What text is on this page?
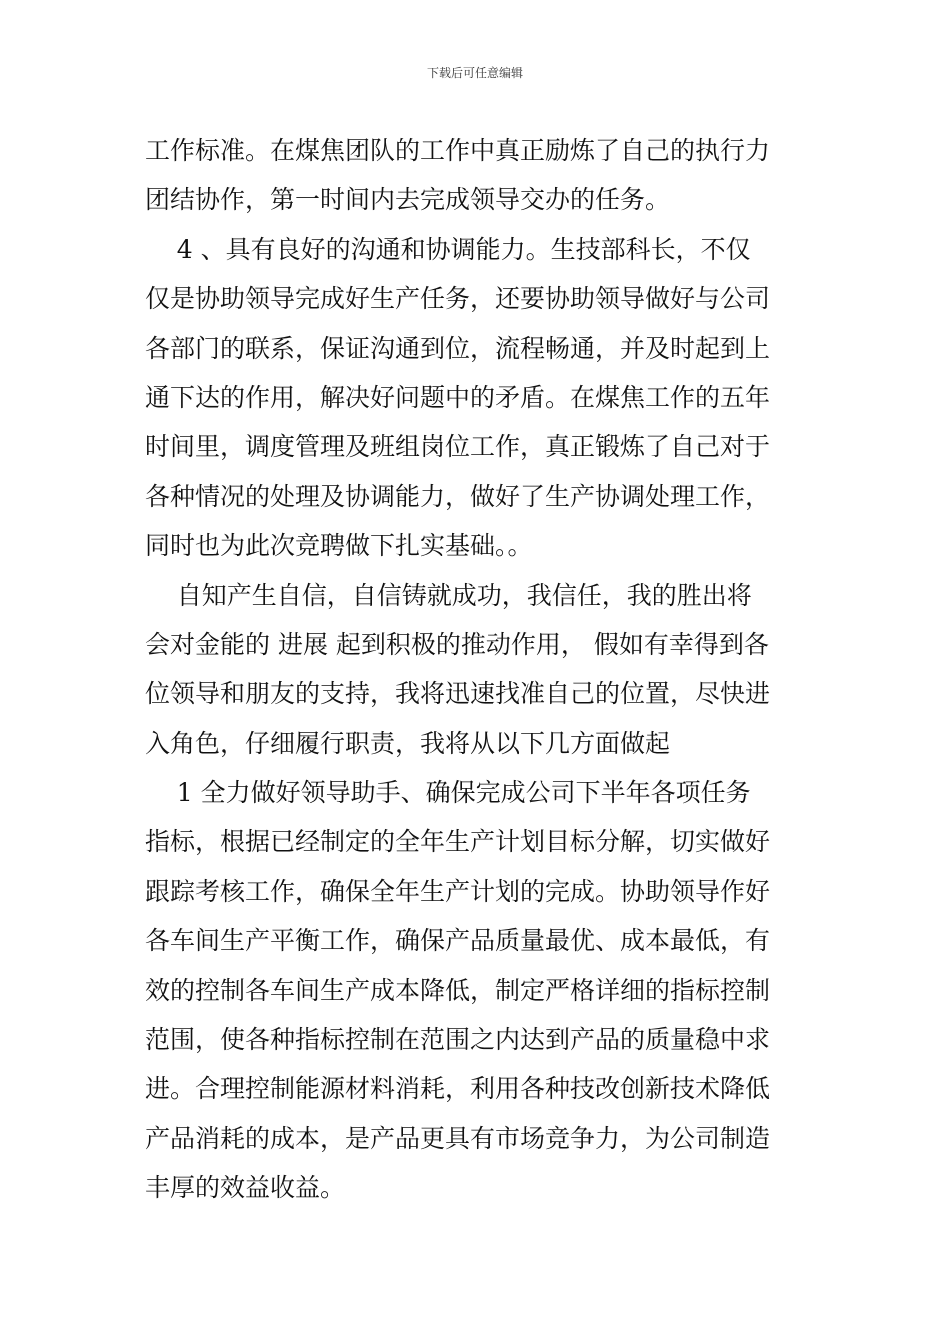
下载后可任意编辑
工作标准。在煤焦团队的工作中真正励炼了自己的执行力
团结协作，第一时间内去完成领导交办的任务。
4 、具有良好的沟通和协调能力。生技部科长，不仅
仅是协助领导完成好生产任务，还要协助领导做好与公司
各部门的联系，保证沟通到位，流程畅通，并及时起到上
通下达的作用，解决好问题中的矛盾。在煤焦工作的五年
时间里，调度管理及班组岗位工作，真正锻炼了自己对于
各种情况的处理及协调能力，做好了生产协调处理工作，
同时也为此次竞聘做下扎实基础。。
自知产生自信，自信铸就成功，我信任，我的胜出将
会对金能的 进展 起到积极的推动作用， 假如有幸得到各
位领导和朋友的支持，我将迅速找准自己的位置，尽快进
入角色，仔细履行职责，我将从以下几方面做起
1 全力做好领导助手、确保完成公司下半年各项任务
指标，根据已经制定的全年生产计划目标分解，切实做好
跟踪考核工作，确保全年生产计划的完成。协助领导作好
各车间生产平衡工作，确保产品质量最优、成本最低，有
效的控制各车间生产成本降低，制定严格详细的指标控制
范围，使各种指标控制在范围之内达到产品的质量稳中求
进。合理控制能源材料消耗，利用各种技改创新技术降低
产品消耗的成本，是产品更具有市场竞争力，为公司制造
丰厚的效益收益。
